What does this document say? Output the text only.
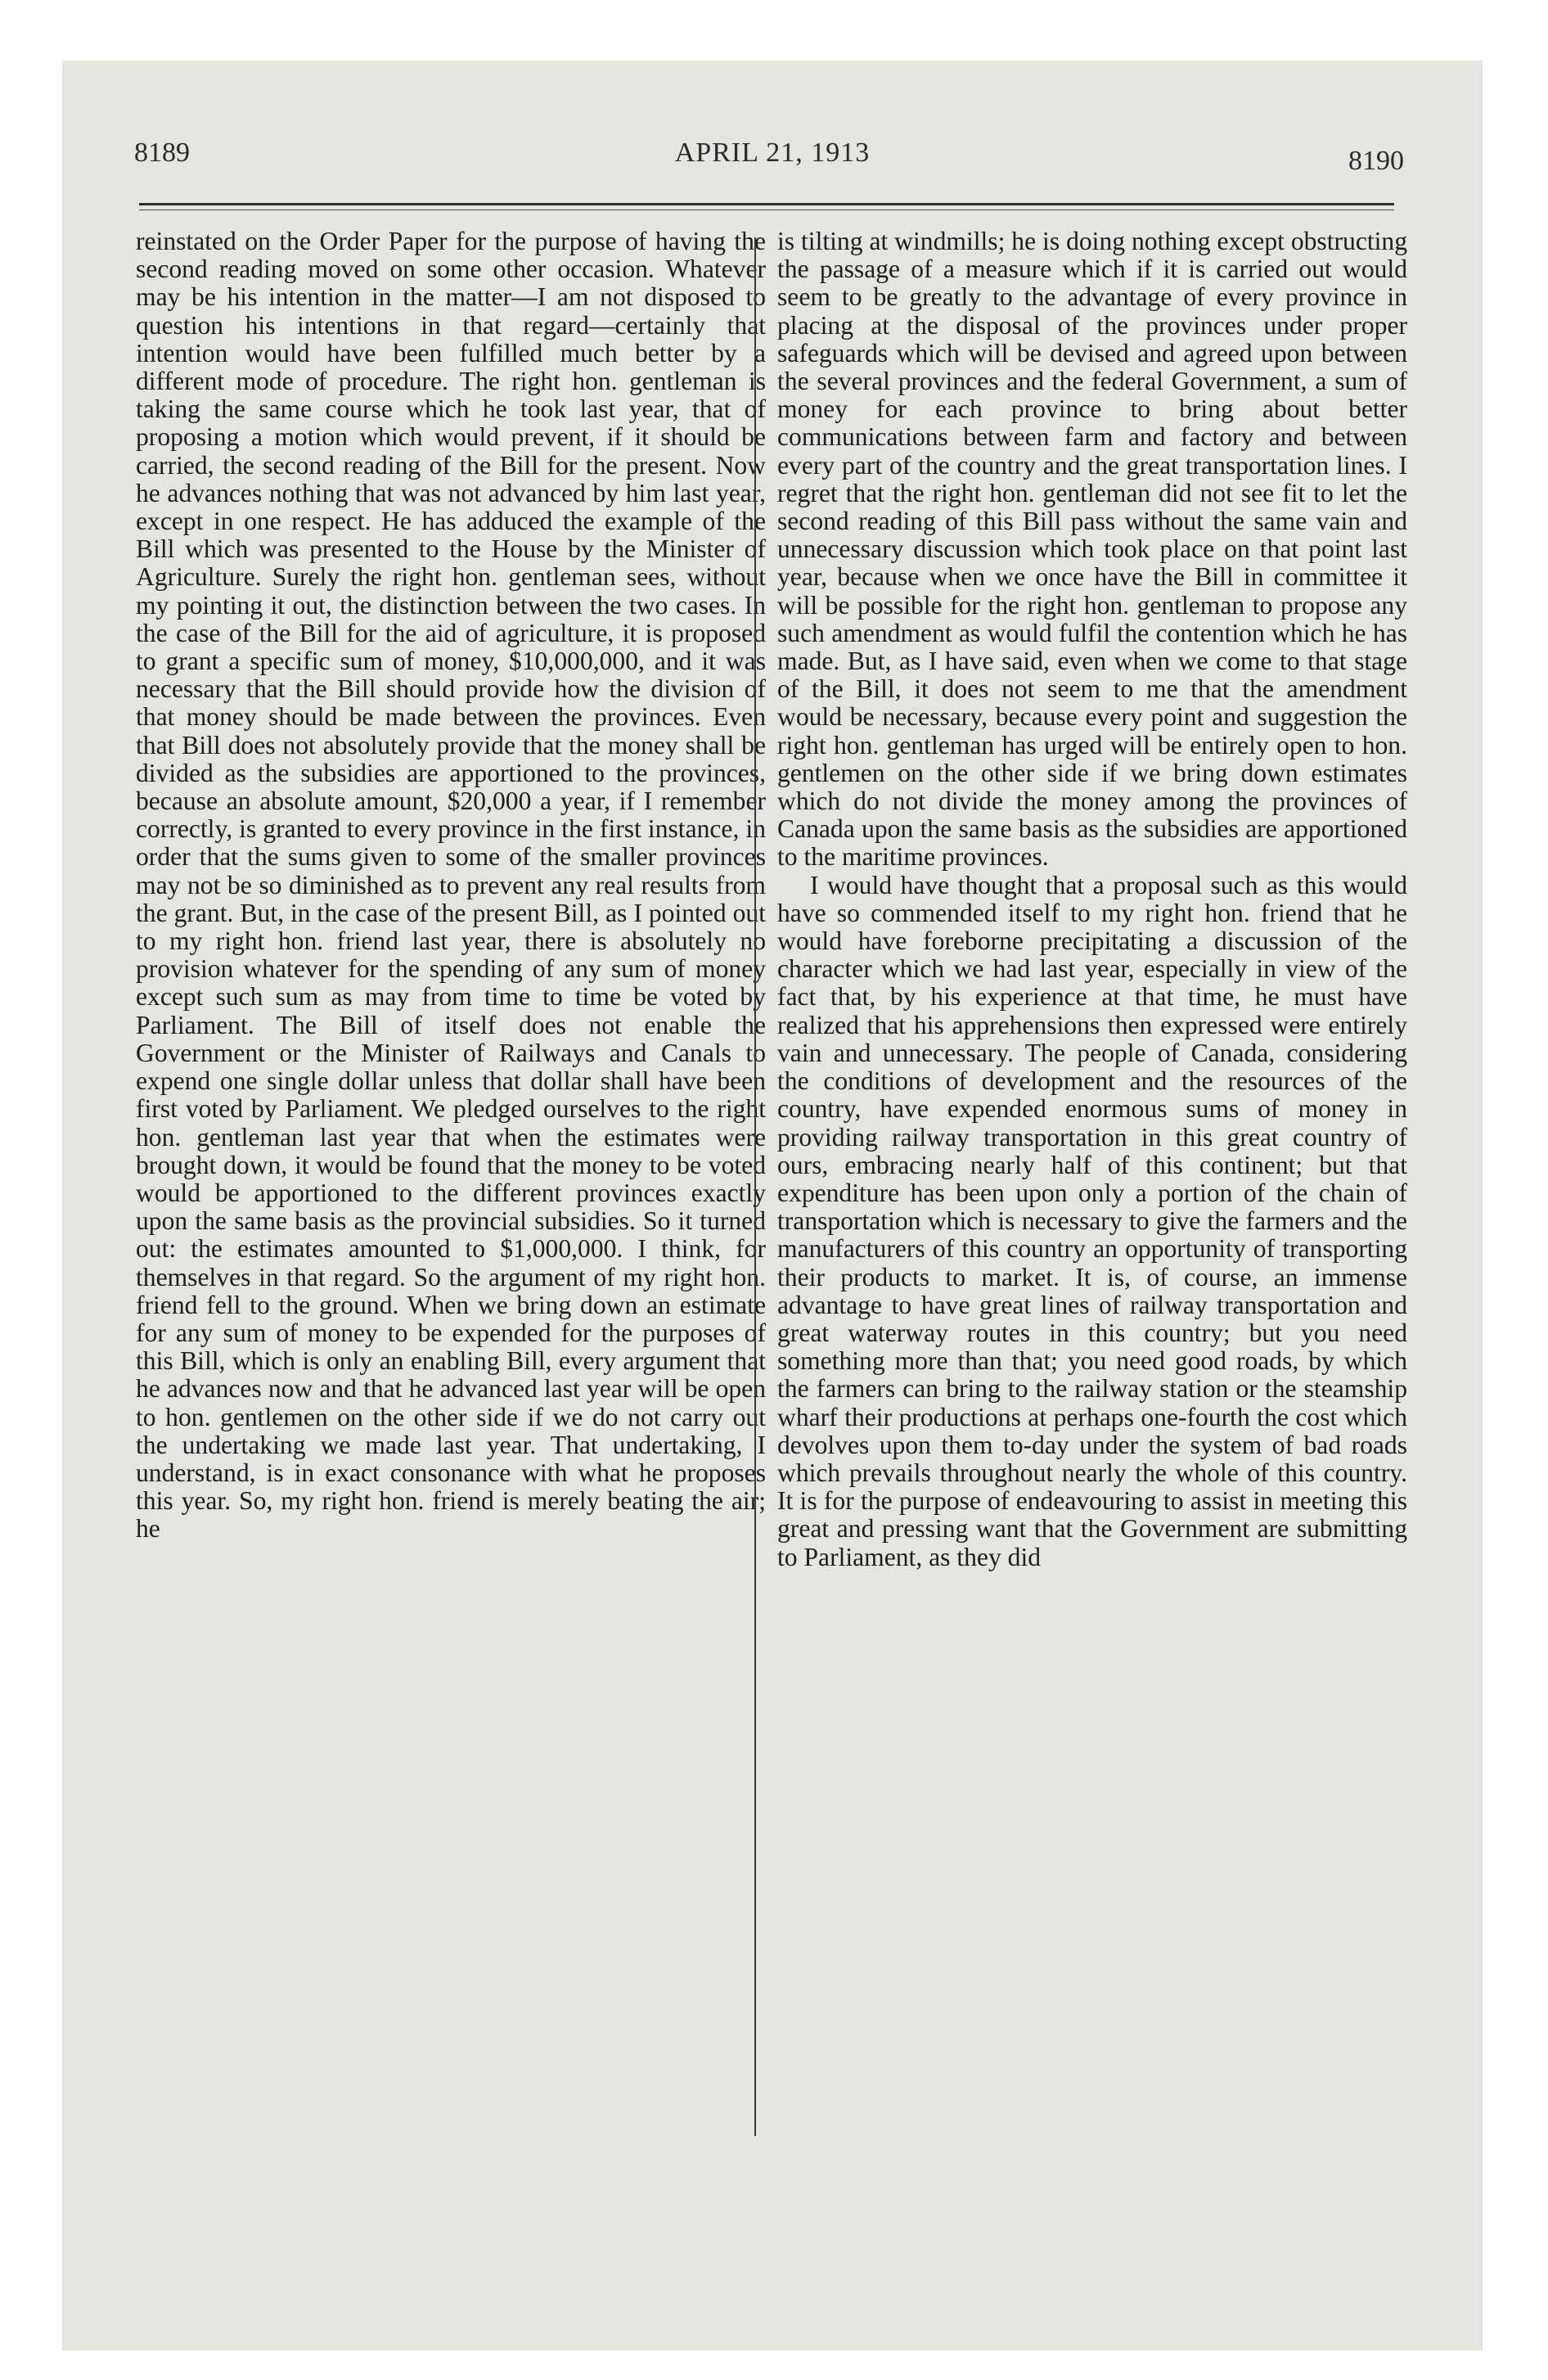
8189	APRIL 21, 1913	8190

reinstated on the Order Paper for the purpose of having the second reading moved on some other occasion. Whatever may be his intention in the matter—I am not disposed to question his intentions in that regard—certainly that intention would have been fulfilled much better by a different mode of procedure. The right hon. gentleman is taking the same course which he took last year, that of proposing a motion which would prevent, if it should be carried, the second reading of the Bill for the present. Now he advances nothing that was not advanced by him last year, except in one respect. He has adduced the example of the Bill which was presented to the House by the Minister of Agriculture. Surely the right hon. gentleman sees, without my pointing it out, the distinction between the two cases. In the case of the Bill for the aid of agriculture, it is proposed to grant a specific sum of money, $10,000,000, and it was necessary that the Bill should provide how the division of that money should be made between the provinces. Even that Bill does not absolutely provide that the money shall be divided as the subsidies are apportioned to the provinces, because an absolute amount, $20,000 a year, if I remember correctly, is granted to every province in the first instance, in order that the sums given to some of the smaller provinces may not be so diminished as to prevent any real results from the grant. But, in the case of the present Bill, as I pointed out to my right hon. friend last year, there is absolutely no provision whatever for the spending of any sum of money except such sum as may from time to time be voted by Parliament. The Bill of itself does not enable the Government or the Minister of Railways and Canals to expend one single dollar unless that dollar shall have been first voted by Parliament. We pledged ourselves to the right hon. gentleman last year that when the estimates were brought down, it would be found that the money to be voted would be apportioned to the different provinces exactly upon the same basis as the provincial subsidies. So it turned out: the estimates amounted to $1,000,000. I think, for themselves in that regard. So the argument of my right hon. friend fell to the ground. When we bring down an estimate for any sum of money to be expended for the purposes of this Bill, which is only an enabling Bill, every argument that he advances now and that he advanced last year will be open to hon. gentlemen on the other side if we do not carry out the undertaking we made last year. That undertaking, I understand, is in exact consonance with what he proposes this year. So, my right hon. friend is merely beating the air; he

is tilting at windmills; he is doing nothing except obstructing the passage of a measure which if it is carried out would seem to be greatly to the advantage of every province in placing at the disposal of the provinces under proper safeguards which will be devised and agreed upon between the several provinces and the federal Government, a sum of money for each province to bring about better communications between farm and factory and between every part of the country and the great transportation lines. I regret that the right hon. gentleman did not see fit to let the second reading of this Bill pass without the same vain and unnecessary discussion which took place on that point last year, because when we once have the Bill in committee it will be possible for the right hon. gentleman to propose any such amendment as would fulfil the contention which he has made. But, as I have said, even when we come to that stage of the Bill, it does not seem to me that the amendment would be necessary, because every point and suggestion the right hon. gentleman has urged will be entirely open to hon. gentlemen on the other side if we bring down estimates which do not divide the money among the provinces of Canada upon the same basis as the subsidies are apportioned to the maritime provinces.

I would have thought that a proposal such as this would have so commended itself to my right hon. friend that he would have foreborne precipitating a discussion of the character which we had last year, especially in view of the fact that, by his experience at that time, he must have realized that his apprehensions then expressed were entirely vain and unnecessary. The people of Canada, considering the conditions of development and the resources of the country, have expended enormous sums of money in providing railway transportation in this great country of ours, embracing nearly half of this continent; but that expenditure has been upon only a portion of the chain of transportation which is necessary to give the farmers and the manufacturers of this country an opportunity of transporting their products to market. It is, of course, an immense advantage to have great lines of railway transportation and great waterway routes in this country; but you need something more than that; you need good roads, by which the farmers can bring to the railway station or the steamship wharf their productions at perhaps one-fourth the cost which devolves upon them to-day under the system of bad roads which prevails throughout nearly the whole of this country. It is for the purpose of endeavouring to assist in meeting this great and pressing want that the Government are submitting to Parliament, as they did
